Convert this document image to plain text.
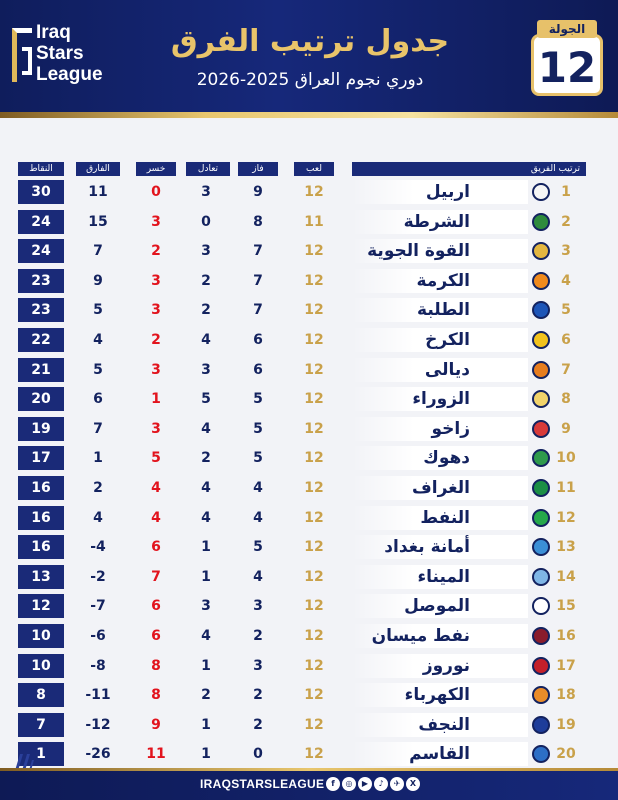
Iraq
Stars
League
جدول ترتيب الفرق
دوري نجوم العراق 2025-2026	12
الجولة
النقاط	الفارق	خسر	تعادل	فاز	لعب	ترتيب الفريق
30	11	0	3	9	12	اربيل	1
24	15	3	0	8	11	الشرطة	2
24	7	2	3	7	12	القوة الجوية	3
23	9	3	2	7	12	الكرمة	4
23	5	3	2	7	12	الطلبة	5
22	4	2	4	6	12	الكرخ	6
21	5	3	3	6	12	ديالى	7
20	6	1	5	5	12	الزوراء	8
19	7	3	4	5	12	زاخو	9
17	1	5	2	5	12	دهوك	10
16	2	4	4	4	12	الغراف	11
16	4	4	4	4	12	النفط	12
16	-4	6	1	5	12	أمانة بغداد	13
13	-2	7	1	4	12	الميناء	14
12	-7	6	3	3	12	الموصل	15
10	-6	6	4	2	12	نفط ميسان	16
10	-8	8	1	3	12	نوروز	17
8	-11	8	2	2	12	الكهرباء	18
7	-12	9	1	2	12	النجف	19
1	-26	11	1	0	12	القاسم	20
IRAQSTARSLEAGUE f	◎	▶	♪	✈	X
